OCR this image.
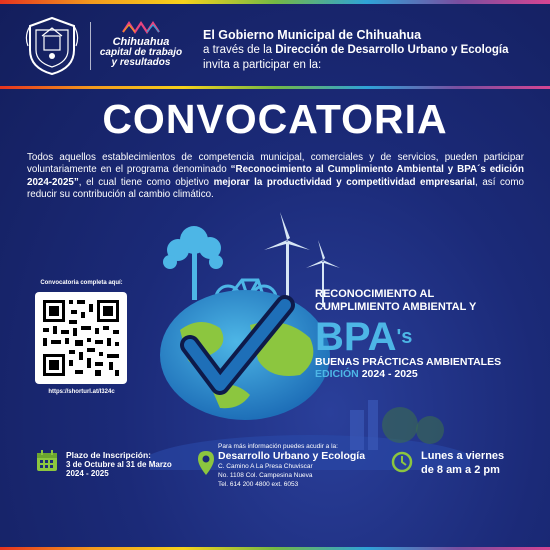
Chihuahua
capital de trabajo
y resultados
El Gobierno Municipal de Chihuahua
a través de la Dirección de Desarrollo Urbano y Ecología
invita a participar en la:
CONVOCATORIA
Todos aquellos establecimientos de competencia municipal, comerciales y de servicios, pueden participar voluntariamente en el programa denominado “Reconocimiento al Cumplimiento Ambiental y BPA´s edición 2024-2025”, el cual tiene como objetivo mejorar la productividad y competitividad empresarial, así como reducir su contribución al cambio climático.
Convocatoria completa aquí:
https://shorturl.at/l324c
RECONOCIMIENTO AL
CUMPLIMIENTO AMBIENTAL Y
$BPA^{'s}$
BUENAS PRÁCTICAS AMBIENTALES
EDICIÓN 2024 - 2025
Plazo de Inscripción:
3 de Octubre al 31 de Marzo
2024 - 2025
Para más información puedes acudir a la:
Desarrollo Urbano y Ecología
C. Camino A La Presa Chuviscar
No. 1108 Col. Campesina Nueva
Tel. 614 200 4800 ext. 6053
Lunes a viernes
de 8 am a 2 pm
